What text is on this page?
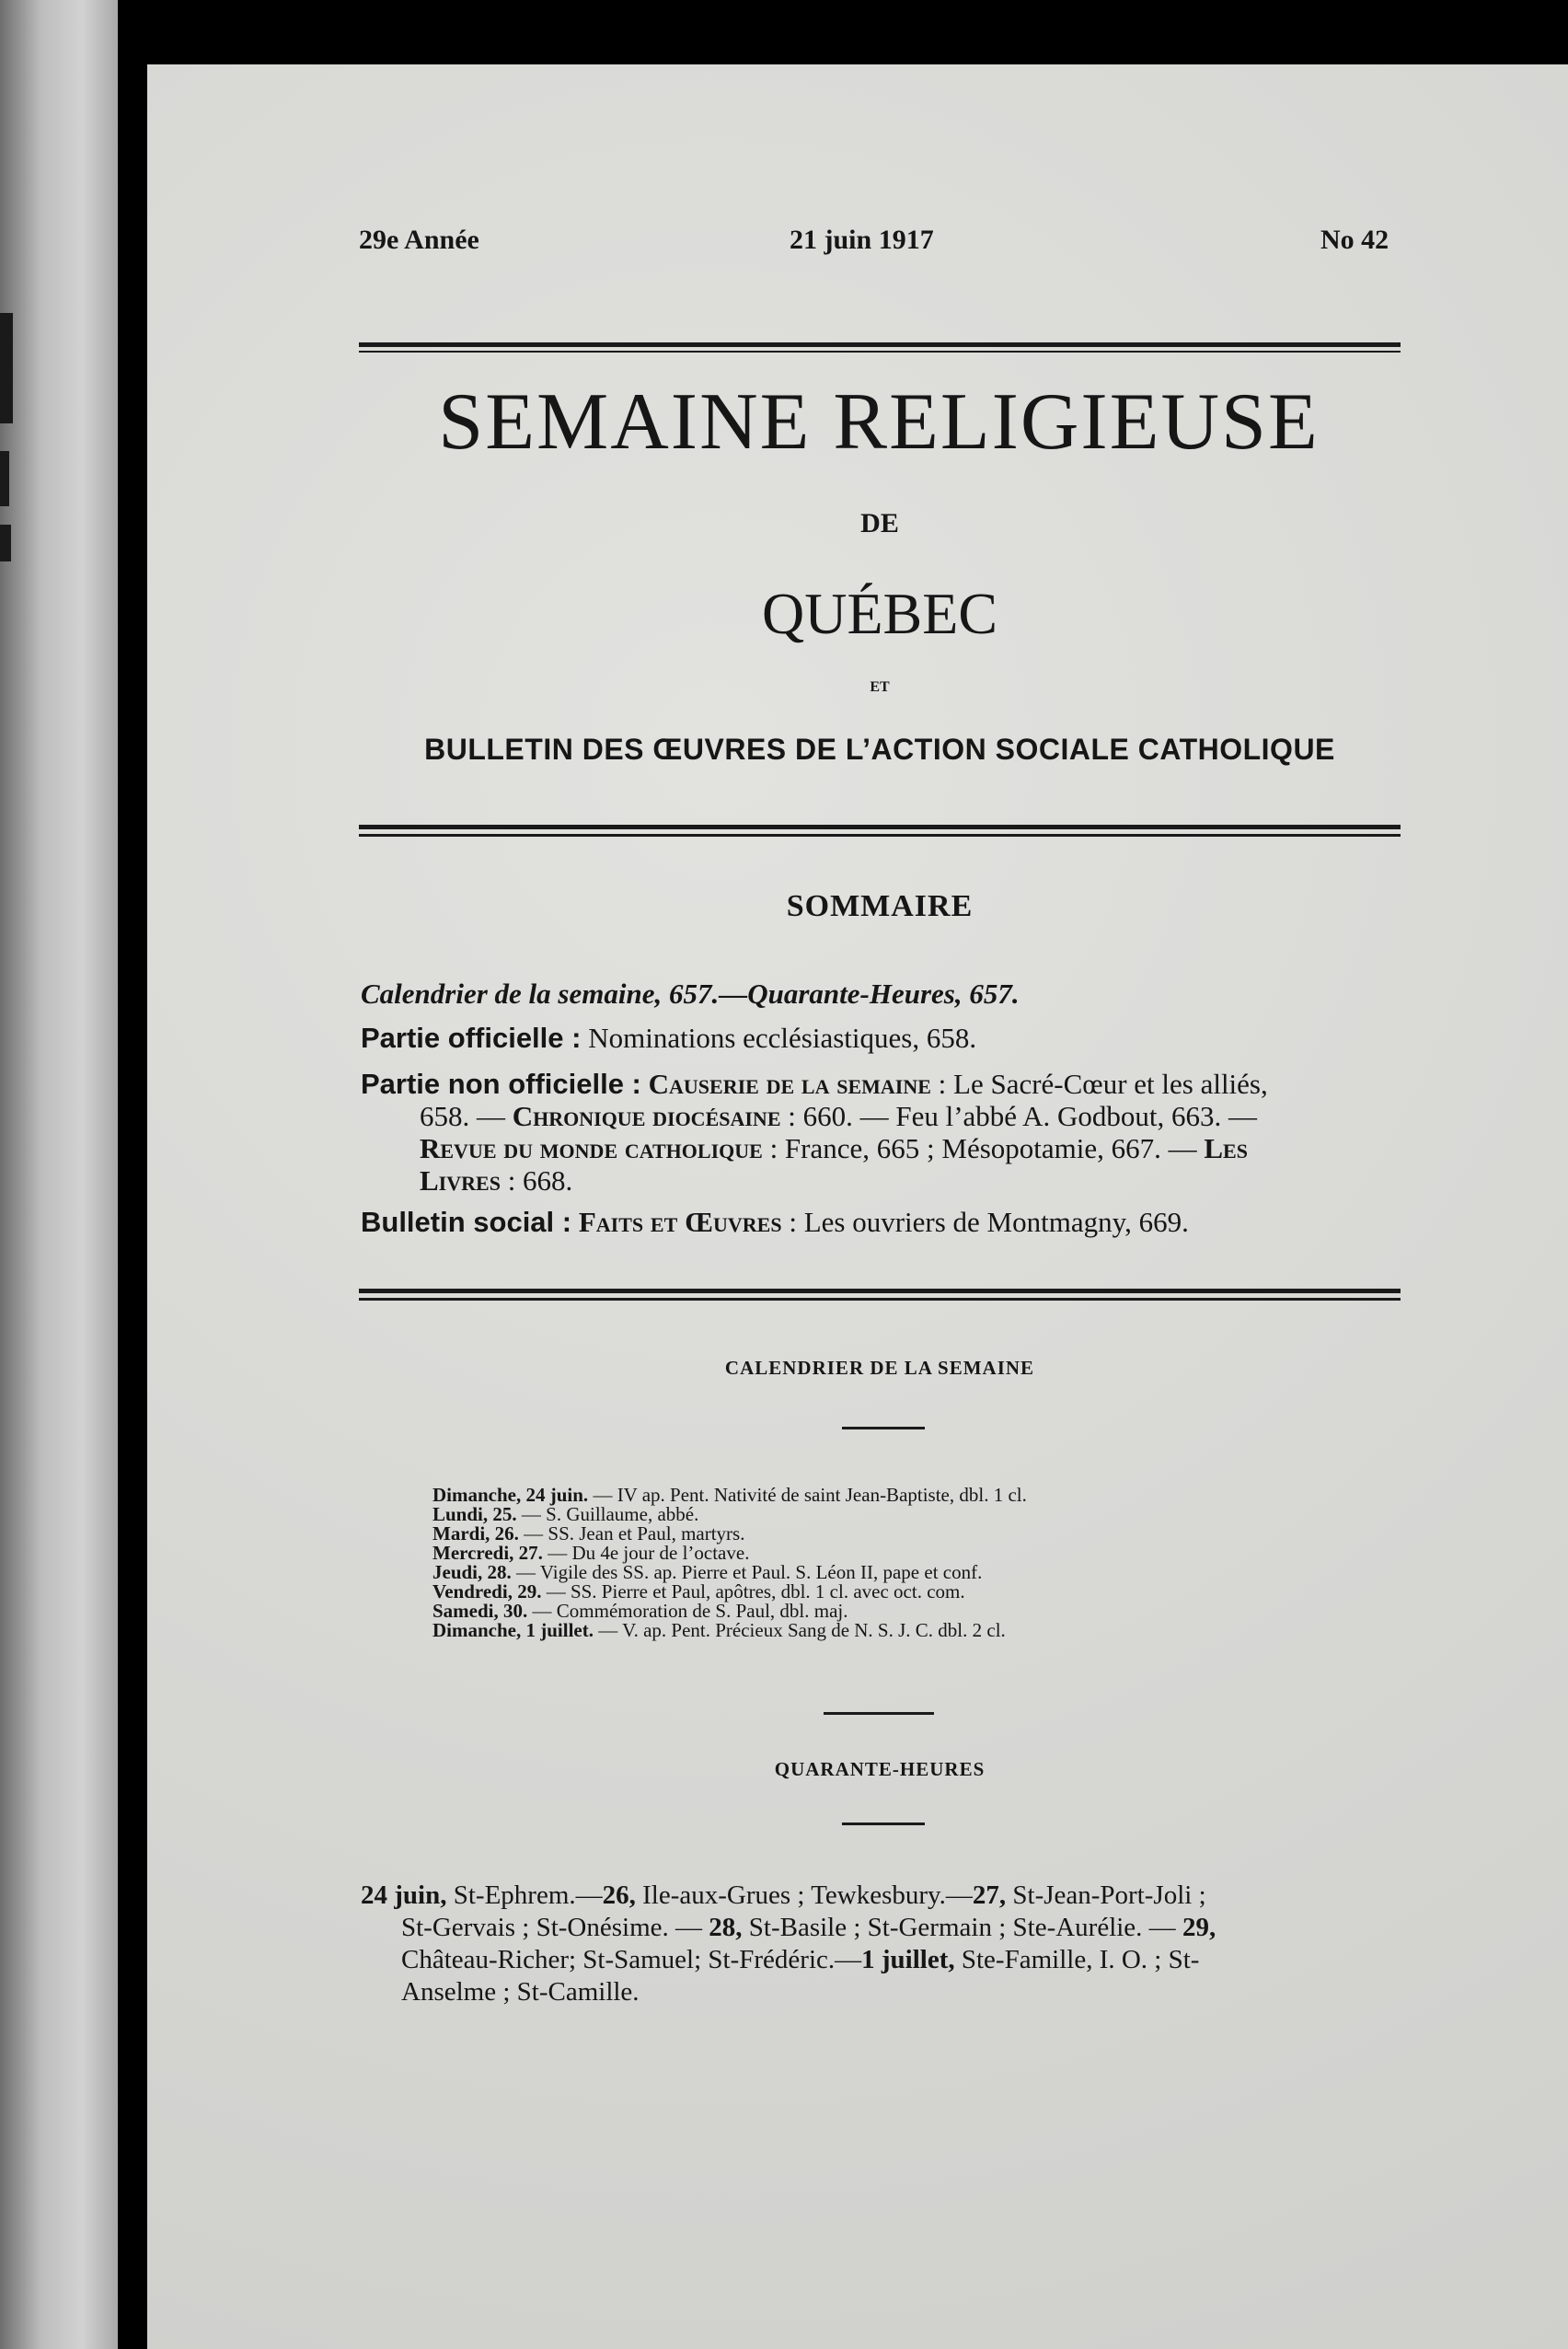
29e Année	21 juin 1917	No 42
SEMAINE RELIGIEUSE
DE
QUÉBEC
ET
BULLETIN DES ŒUVRES DE L’ACTION SOCIALE CATHOLIQUE
SOMMAIRE
Calendrier de la semaine, 657.—Quarante-Heures, 657.
Partie officielle : Nominations ecclésiastiques, 658.
Partie non officielle : Causerie de la semaine : Le Sacré-Cœur et les alliés,
658. — Chronique diocésaine : 660. — Feu l’abbé A. Godbout, 663. —
Revue du monde catholique : France, 665 ; Mésopotamie, 667. — Les
Livres : 668.
Bulletin social : Faits et Œuvres : Les ouvriers de Montmagny, 669.
CALENDRIER DE LA SEMAINE
Dimanche, 24 juin. — IV ap. Pent. Nativité de saint Jean-Baptiste, dbl. 1 cl.
Lundi, 25. — S. Guillaume, abbé.
Mardi, 26. — SS. Jean et Paul, martyrs.
Mercredi, 27. — Du 4e jour de l’octave.
Jeudi, 28. — Vigile des SS. ap. Pierre et Paul. S. Léon II, pape et conf.
Vendredi, 29. — SS. Pierre et Paul, apôtres, dbl. 1 cl. avec oct. com.
Samedi, 30. — Commémoration de S. Paul, dbl. maj.
Dimanche, 1 juillet. — V. ap. Pent. Précieux Sang de N. S. J. C. dbl. 2 cl.
QUARANTE-HEURES
24 juin, St-Ephrem.—26, Ile-aux-Grues ; Tewkesbury.—27, St-Jean-Port-Joli ;
St-Gervais ; St-Onésime. — 28, St-Basile ; St-Germain ; Ste-Aurélie. — 29,
Château-Richer; St-Samuel; St-Frédéric.—1 juillet, Ste-Famille, I. O. ; St-
Anselme ; St-Camille.
